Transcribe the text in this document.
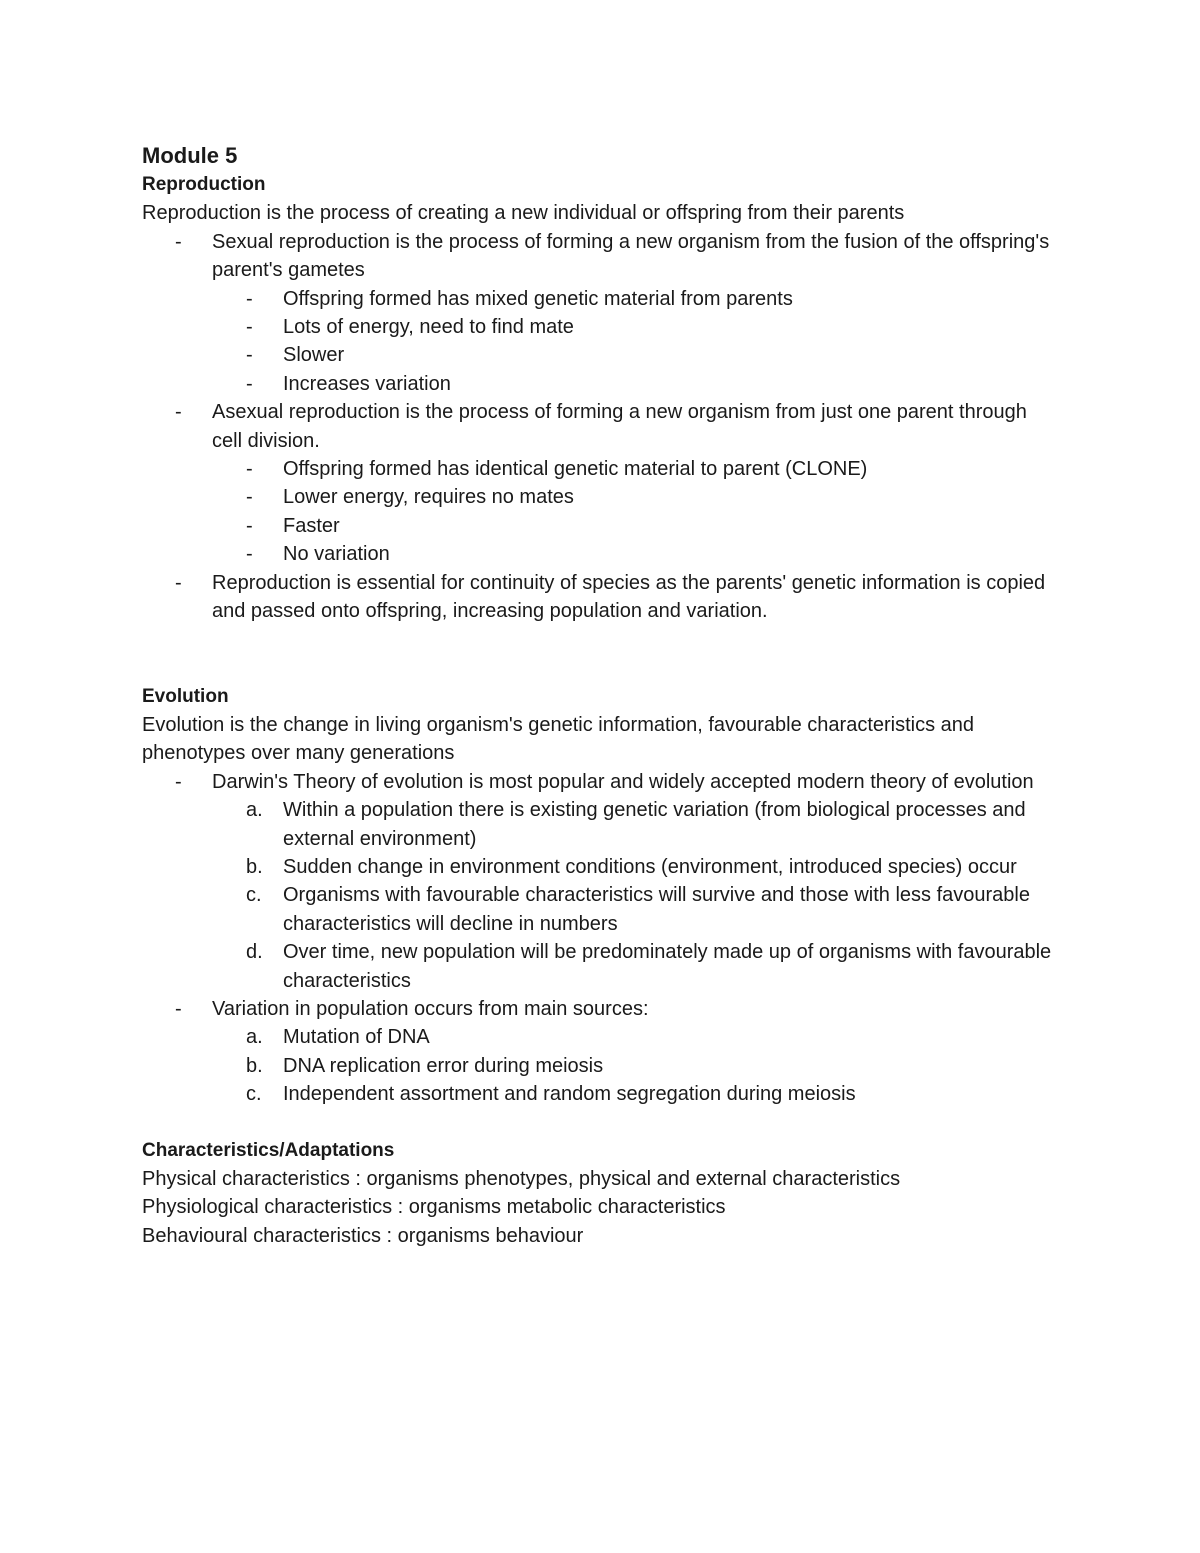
Module 5
Reproduction

Reproduction is the process of creating a new individual or offspring from their parents

- Sexual reproduction is the process of forming a new organism from the fusion of the offspring's parent's gametes
- Offspring formed has mixed genetic material from parents
- Lots of energy, need to find mate
- Slower
- Increases variation
- Asexual reproduction is the process of forming a new organism from just one parent through cell division.
- Offspring formed has identical genetic material to parent (CLONE)
- Lower energy, requires no mates
- Faster
- No variation
- Reproduction is essential for continuity of species as the parents' genetic information is copied and passed onto offspring, increasing population and variation.
Evolution

Evolution is the change in living organism's genetic information, favourable characteristics and phenotypes over many generations

- Darwin's Theory of evolution is most popular and widely accepted modern theory of evolution
a. Within a population there is existing genetic variation (from biological processes and external environment)
b. Sudden change in environment conditions (environment, introduced species) occur
c. Organisms with favourable characteristics will survive and those with less favourable characteristics will decline in numbers
d. Over time, new population will be predominately made up of organisms with favourable characteristics
- Variation in population occurs from main sources:
a. Mutation of DNA
b. DNA replication error during meiosis
c. Independent assortment and random segregation during meiosis
Characteristics/Adaptations

Physical characteristics : organisms phenotypes, physical and external characteristics

Physiological characteristics : organisms metabolic characteristics

Behavioural characteristics : organisms behaviour
